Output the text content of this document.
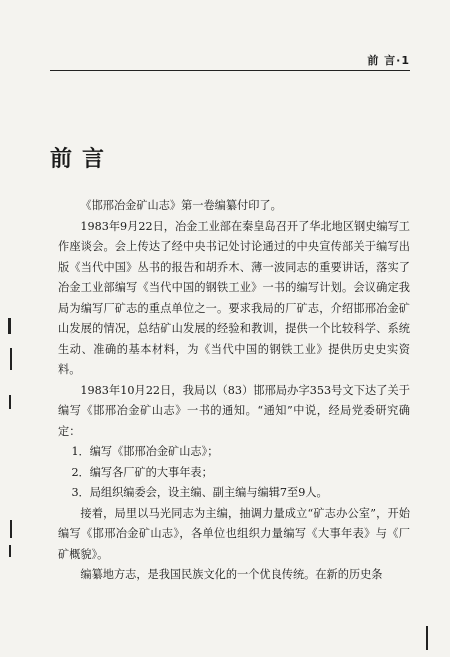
前 言·1
前言

《邯邢冶金矿山志》第一卷编纂付印了。

1983年9月22日，冶金工业部在秦皇岛召开了华北地区钢史编写工作座谈会。会上传达了经中央书记处讨论通过的中央宣传部关于编写出版《当代中国》丛书的报告和胡乔木、薄一波同志的重要讲话，落实了冶金工业部编写《当代中国的钢铁工业》一书的编写计划。会议确定我局为编写厂矿志的重点单位之一。要求我局的厂矿志，介绍邯邢冶金矿山发展的情况，总结矿山发展的经验和教训，提供一个比较科学、系统生动、准确的基本材料，为《当代中国的钢铁工业》提供历史史实资料。

1983年10月22日，我局以（83）邯邢局办字353号文下达了关于编写《邯邢冶金矿山志》一书的通知。“通知”中说，经局党委研究确定：

1．编写《邯邢冶金矿山志》；

2．编写各厂矿的大事年表；

3．局组织编委会，设主编、副主编与编辑7至9人。

接着，局里以马光同志为主编，抽调力量成立“矿志办公室”，开始编写《邯邢冶金矿山志》，各单位也组织力量编写《大事年表》与《厂矿概貌》。

编纂地方志，是我国民族文化的一个优良传统。在新的历史条
